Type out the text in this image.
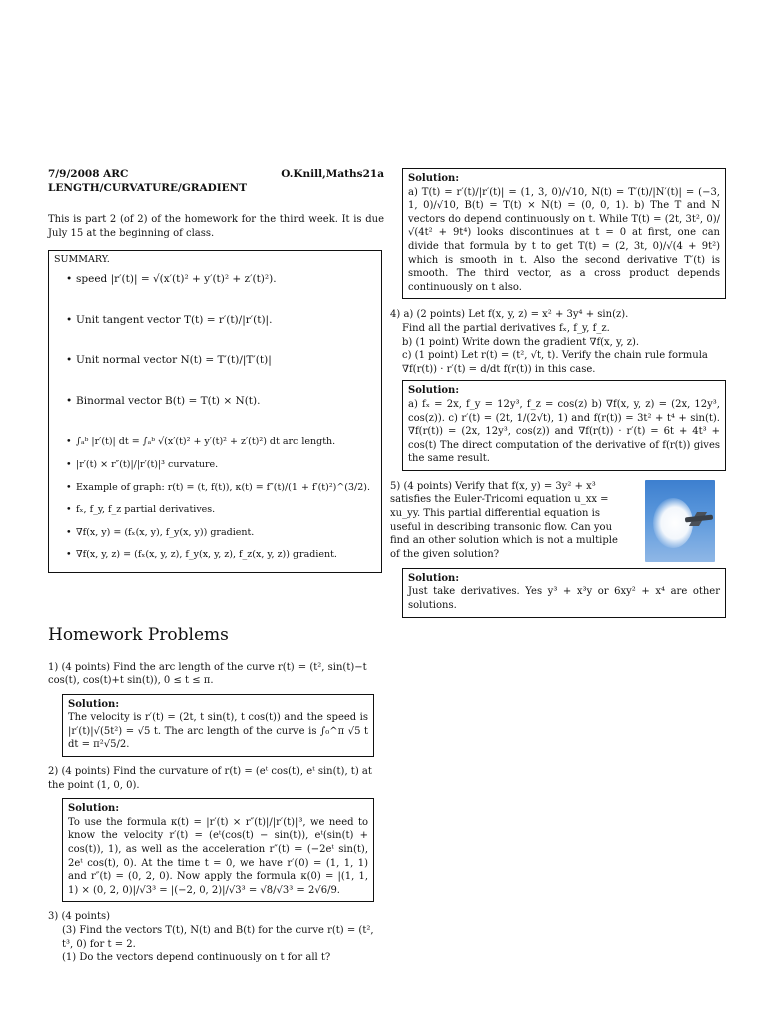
7/9/2008 ARC LENGTH/CURVATURE/GRADIENT
O.Knill,Maths21a

This is part 2 (of 2) of the homework for the third week. It is due July 15 at the beginning of class.

SUMMARY.
• speed |r′(t)| = √(x′(t)² + y′(t)² + z′(t)²).
• Unit tangent vector T(t) = r′(t)/|r′(t)|.
• Unit normal vector N(t) = T′(t)/|T′(t)|
• Binormal vector B(t) = T(t) × N(t).
• ∫ₐᵇ |r′(t)| dt = ∫ₐᵇ √(x′(t)² + y′(t)² + z′(t)²) dt arc length.
• |r′(t) × r″(t)|/|r′(t)|³ curvature.
• Example of graph: r(t) = (t, f(t)), κ(t) = f″(t)/(1 + f′(t)²)^(3/2).
• fₓ, f_y, f_z partial derivatives.
• ∇f(x, y) = (fₓ(x, y), f_y(x, y)) gradient.
• ∇f(x, y, z) = (fₓ(x, y, z), f_y(x, y, z), f_z(x, y, z)) gradient.
Homework Problems
1) (4 points) Find the arc length of the curve r(t) = (t², sin(t)−t cos(t), cos(t)+t sin(t)), 0 ≤ t ≤ π.
Solution:
The velocity is r′(t) = (2t, t sin(t), t cos(t)) and the speed is |r′(t)|√(5t²) = √5 t. The arc length of the curve is ∫₀^π √5 t dt = π²√5/2.
2) (4 points) Find the curvature of r(t) = (eᵗ cos(t), eᵗ sin(t), t) at the point (1, 0, 0).
Solution:
To use the formula κ(t) = |r′(t) × r″(t)|/|r′(t)|³, we need to know the velocity r′(t) = (eᵗ(cos(t) − sin(t)), eᵗ(sin(t) + cos(t)), 1), as well as the acceleration r″(t) = (−2eᵗ sin(t), 2eᵗ cos(t), 0). At the time t = 0, we have r′(0) = (1, 1, 1) and r″(t) = (0, 2, 0). Now apply the formula κ(0) = |(1, 1, 1) × (0, 2, 0)|/√3³ = |(−2, 0, 2)|/√3³ = √8/√3³ = 2√6/9.
3) (4 points)
(3) Find the vectors T(t), N(t) and B(t) for the curve r(t) = (t², t³, 0) for t = 2.
(1) Do the vectors depend continuously on t for all t?
Solution:
a) T(t) = r′(t)/|r′(t)| = (1, 3, 0)/√10, N(t) = T′(t)/|N′(t)| = (−3, 1, 0)/√10, B(t) = T(t) × N(t) = (0, 0, 1). b) The T and N vectors do depend continuously on t. While T(t) = (2t, 3t², 0)/√(4t² + 9t⁴) looks discontinues at t = 0 at first, one can divide that formula by t to get T(t) = (2, 3t, 0)/√(4 + 9t²) which is smooth in t. Also the second derivative T′(t) is smooth. The third vector, as a cross product depends continuously on t also.
4) a) (2 points) Let f(x, y, z) = x² + 3y⁴ + sin(z).
Find all the partial derivatives fₓ, f_y, f_z.
b) (1 point) Write down the gradient ∇f(x, y, z).
c) (1 point) Let r(t) = (t², √t, t). Verify the chain rule formula ∇f(r(t)) · r′(t) = d/dt f(r(t)) in this case.
Solution:
a) fₓ = 2x, f_y = 12y³, f_z = cos(z) b) ∇f(x, y, z) = (2x, 12y³, cos(z)). c) r′(t) = (2t, 1/(2√t), 1) and f(r(t)) = 3t² + t⁴ + sin(t). ∇f(r(t)) = (2x, 12y³, cos(z)) and ∇f(r(t)) · r′(t) = 6t + 4t³ + cos(t) The direct computation of the derivative of f(r(t)) gives the same result.
5) (4 points) Verify that f(x, y) = 3y² + x³ satisfies the Euler-Tricomi equation u_xx = xu_yy. This partial differential equation is useful in describing transonic flow. Can you find an other solution which is not a multiple of the given solution?
Solution:
Just take derivatives. Yes y³ + x³y or 6xy² + x⁴ are other solutions.
